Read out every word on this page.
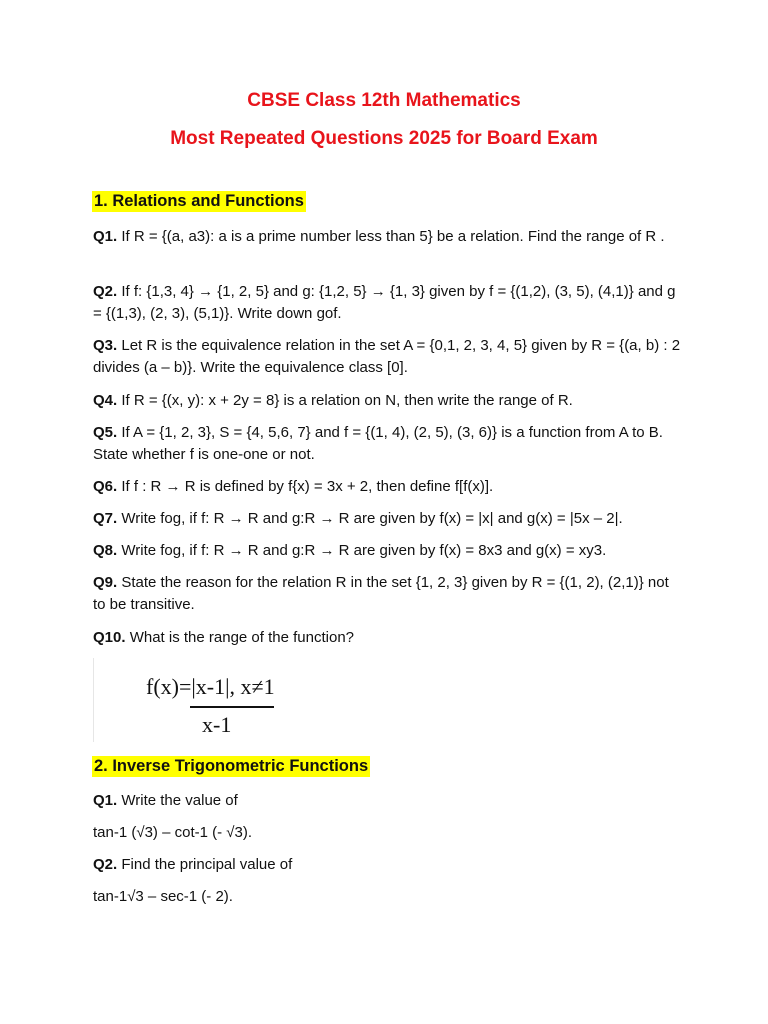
CBSE Class 12th Mathematics
Most Repeated Questions 2025 for Board Exam
1. Relations and Functions
Q1. If R = {(a, a3): a is a prime number less than 5} be a relation. Find the range of R .
Q2. If f: {1,3, 4} → {1, 2, 5} and g: {1,2, 5} → {1, 3} given by f = {(1,2), (3, 5), (4,1)} and g = {(1,3), (2, 3), (5,1)}. Write down gof.
Q3. Let R is the equivalence relation in the set A = {0,1, 2, 3, 4, 5} given by R = {(a, b) : 2 divides (a – b)}. Write the equivalence class [0].
Q4. If R = {(x, y): x + 2y = 8} is a relation on N, then write the range of R.
Q5. If A = {1, 2, 3}, S = {4, 5,6, 7} and f = {(1, 4), (2, 5), (3, 6)} is a function from A to B. State whether f is one-one or not.
Q6. If f : R → R is defined by f{x) = 3x + 2, then define f[f(x)].
Q7. Write fog, if f: R → R and g:R → R are given by f(x) = |x| and g(x) = |5x – 2|.
Q8. Write fog, if f: R → R and g:R → R are given by f(x) = 8x3 and g(x) = xy3.
Q9. State the reason for the relation R in the set {1, 2, 3} given by R = {(1, 2), (2,1)} not to be transitive.
Q10. What is the range of the function?
f(x)=|x-1|, x≠1
x-1
2. Inverse Trigonometric Functions
Q1. Write the value of
tan-1 (√3) – cot-1 (- √3).
Q2. Find the principal value of
tan-1√3 – sec-1 (- 2).
